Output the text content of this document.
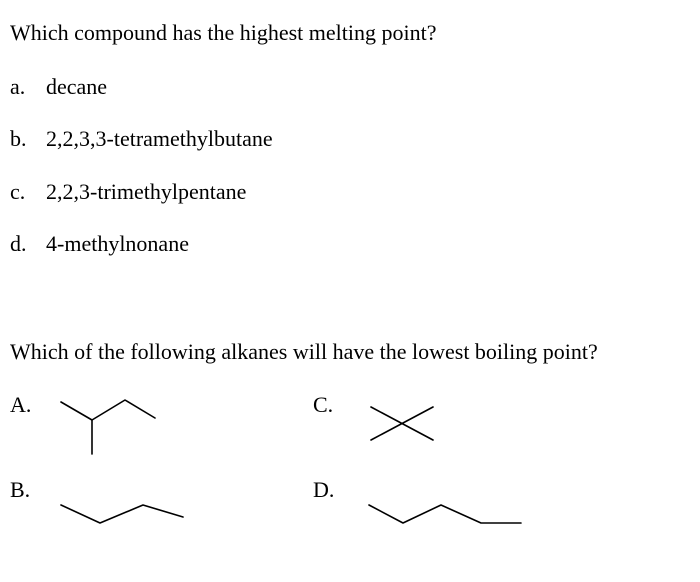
Which compound has the highest melting point?
a. decane
b. 2,2,3,3-tetramethylbutane
c. 2,2,3-trimethylpentane
d. 4-methylnonane
Which of the following alkanes will have the lowest boiling point?
A.
B.
C.
D.
